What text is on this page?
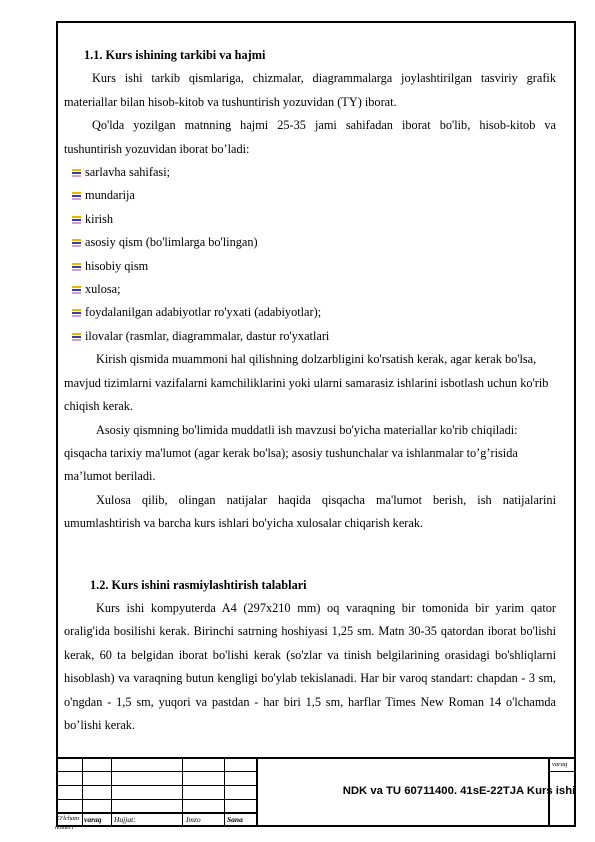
1.1. Kurs ishining tarkibi va hajmi

Kurs ishi tarkib qismlariga, chizmalar, diagrammalarga joylashtirilgan tasviriy grafik materiallar bilan hisob-kitob va tushuntirish yozuvidan (TY) iborat.

Qo'lda yozilgan matnning hajmi 25-35 jami sahifadan iborat bo'lib, hisob-kitob va tushuntirish yozuvidan iborat bo’ladi:

sarlavha sahifasi;
mundarija
kirish
asosiy qism (bo'limlarga bo'lingan)
hisobiy qism
xulosa;
foydalanilgan adabiyotlar ro'yxati (adabiyotlar);
ilovalar (rasmlar, diagrammalar, dastur ro'yxatlari

Kirish qismida muammoni hal qilishning dolzarbligini ko'rsatish kerak, agar kerak bo'lsa, mavjud tizimlarni vazifalarni kamchiliklarini yoki ularni samarasiz ishlarini isbotlash uchun ko'rib chiqish kerak.

Asosiy qismning bo'limida muddatli ish mavzusi bo'yicha materiallar ko'rib chiqiladi: qisqacha tarixiy ma'lumot (agar kerak bo'lsa); asosiy tushunchalar va ishlanmalar to’g’risida ma’lumot beriladi.

Xulosa qilib, olingan natijalar haqida qisqacha ma'lumot berish, ish natijalarini umumlashtirish va barcha kurs ishlari bo'yicha xulosalar chiqarish kerak.

1.2. Kurs ishini rasmiylashtirish talablari

Kurs ishi kompyuterda A4 (297x210 mm) oq varaqning bir tomonida bir yarim qator oralig'ida bosilishi kerak. Birinchi satrning hoshiyasi 1,25 sm. Matn 30-35 qatordan iborat bo'lishi kerak, 60 ta belgidan iborat bo'lishi kerak (so'zlar va tinish belgilarining orasidagi bo'shliqlarni hisoblash) va varaqning butun kengligi bo'ylab tekislanadi. Har bir varoq standart: chapdan - 3 sm, o'ngdan - 1,5 sm, yuqori va pastdan - har biri 1,5 sm, harflar Times New Roman 14 o'lchamda bo’lishi kerak.

O'lcham
nomeri
varaq Hujjat:	Imzo	Sana
varaq
NDK va TU 60711400. 41sE-22TJA Kurs ishi
